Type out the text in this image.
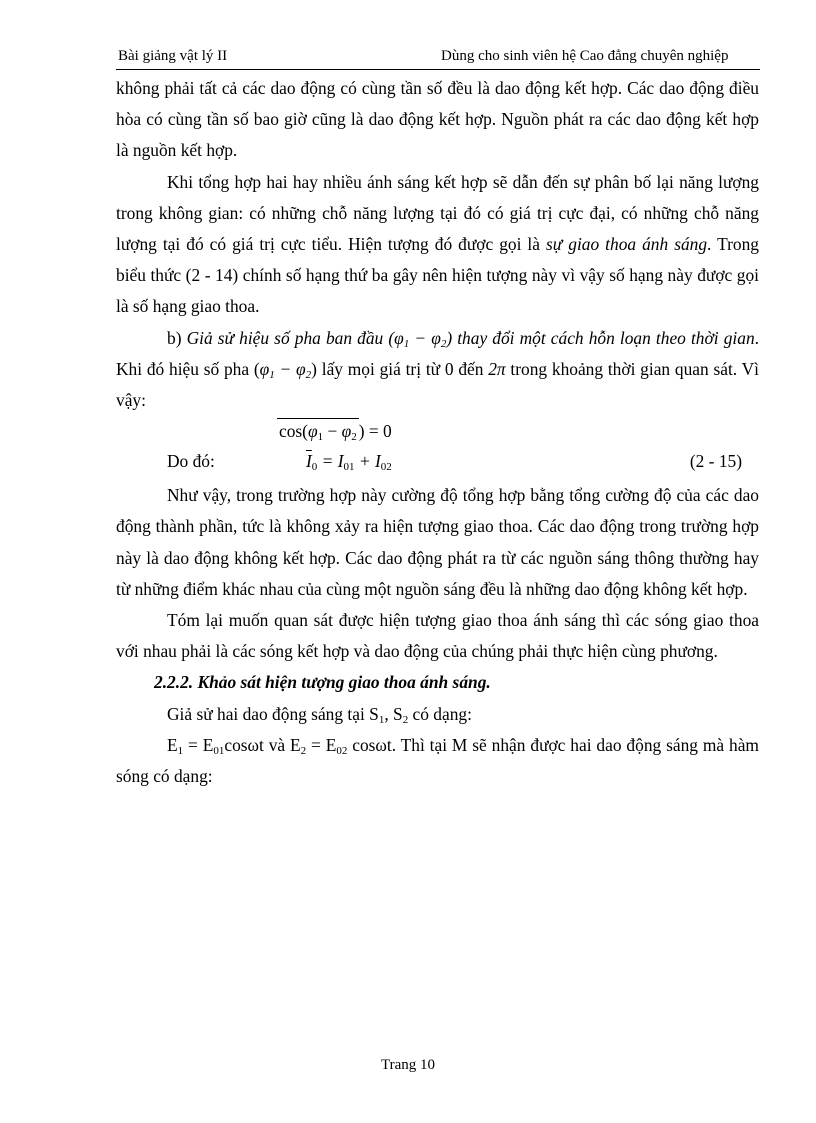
Bài giảng vật lý II	Dùng cho sinh viên hệ Cao đẳng chuyên nghiệp

không phải tất cả các dao động có cùng tần số đều là dao động kết hợp. Các dao động điều hòa có cùng tần số bao giờ cũng là dao động kết hợp. Nguồn phát ra các dao động kết hợp là nguồn kết hợp.

Khi tổng hợp hai hay nhiều ánh sáng kết hợp sẽ dẫn đến sự phân bố lại năng lượng trong không gian: có những chỗ năng lượng tại đó có giá trị cực đại, có những chỗ năng lượng tại đó có giá trị cực tiểu. Hiện tượng đó được gọi là sự giao thoa ánh sáng. Trong biểu thức (2 - 14) chính số hạng thứ ba gây nên hiện tượng này vì vậy số hạng này được gọi là số hạng giao thoa.

b) Giả sử hiệu số pha ban đầu $(\varphi_1 - \varphi_2)$ thay đổi một cách hỗn loạn theo thời gian. Khi đó hiệu số pha $(\varphi_1 - \varphi_2)$ lấy mọi giá trị từ 0 đến 2π trong khoảng thời gian quan sát. Vì vậy:

$\cos(\varphi_1 - \varphi_2$ ) = 0
Do đó:	$\overline{I}_0 = I_{01} + I_{02}$	(2 - 15)

Như vậy, trong trường hợp này cường độ tổng hợp bằng tổng cường độ của các dao động thành phần, tức là không xảy ra hiện tượng giao thoa. Các dao động trong trường hợp này là dao động không kết hợp. Các dao động phát ra từ các nguồn sáng thông thường hay từ những điểm khác nhau của cùng một nguồn sáng đều là những dao động không kết hợp.

Tóm lại muốn quan sát được hiện tượng giao thoa ánh sáng thì các sóng giao thoa với nhau phải là các sóng kết hợp và dao động của chúng phải thực hiện cùng phương.

2.2.2. Khảo sát hiện tượng giao thoa ánh sáng.

Giả sử hai dao động sáng tại $S_1$, $S_2$ có dạng:

$E_1 = E_{01}\cos\omega t$ và $E_2 = E_{02}$ cosωt. Thì tại M sẽ nhận được hai dao động sáng mà hàm sóng có dạng:

Trang 10
